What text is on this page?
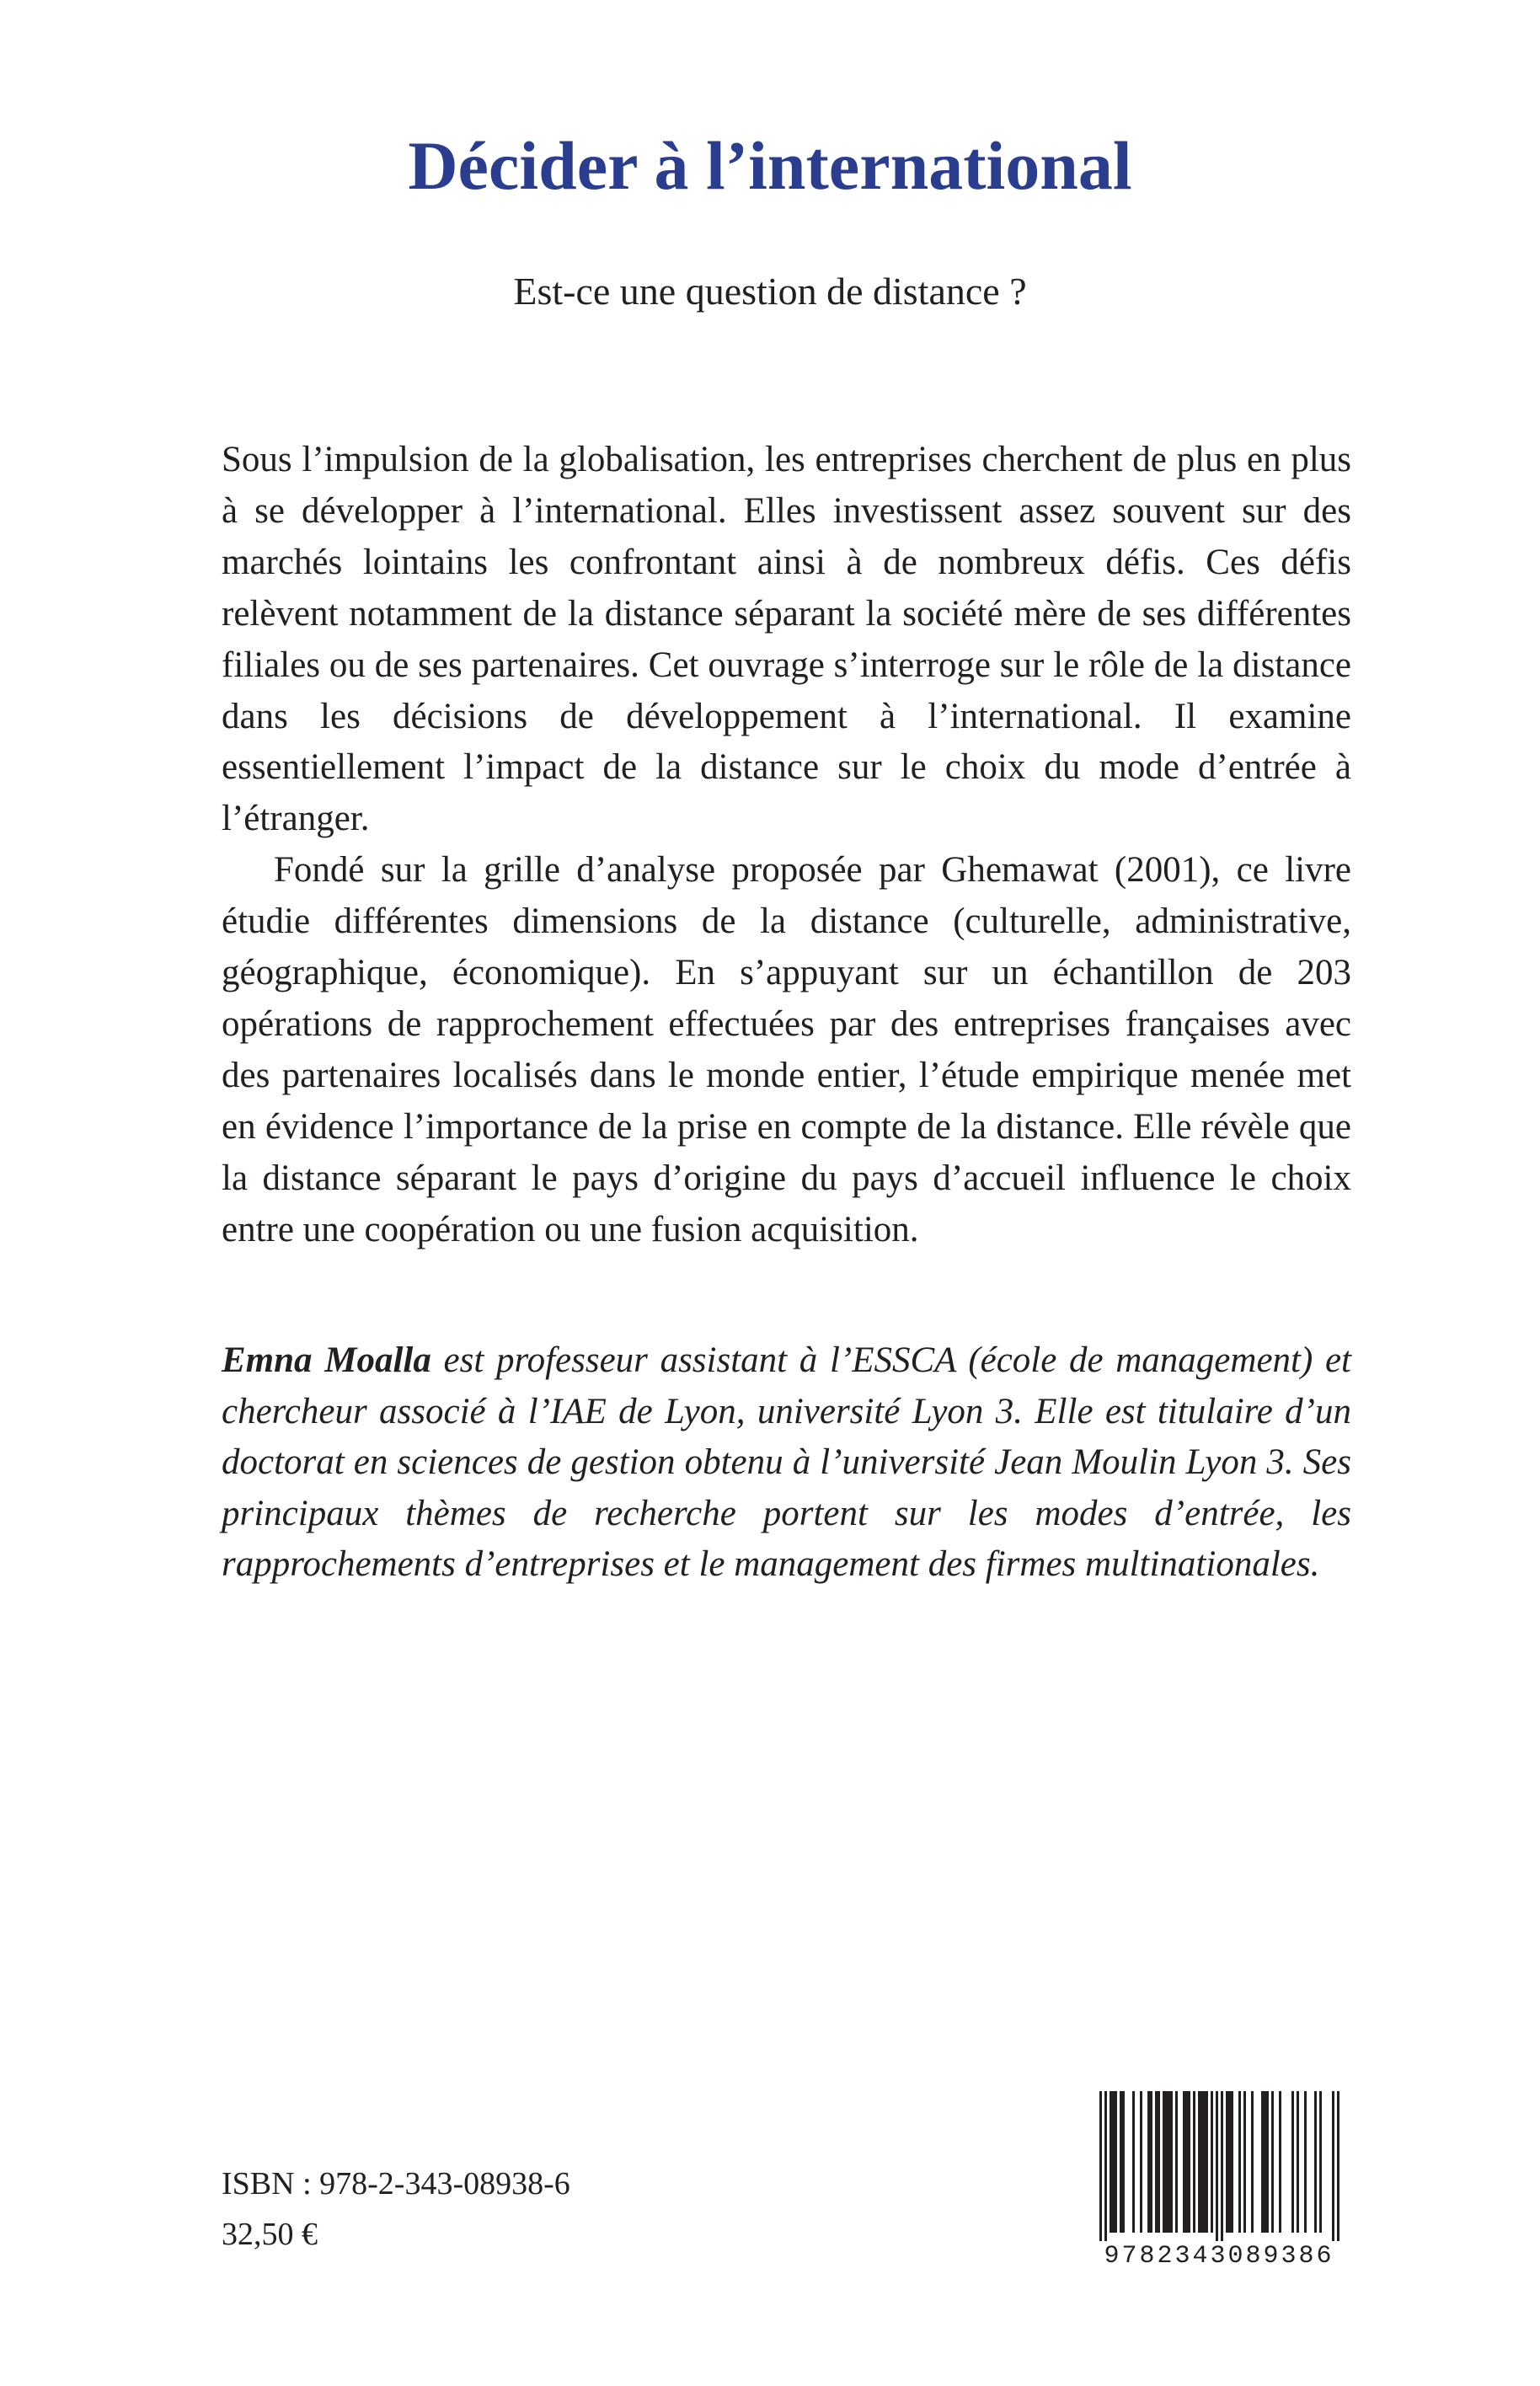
Décider à l’international
Est-ce une question de distance ?

Sous l’impulsion de la globalisation, les entreprises cherchent de plus en plus à se développer à l’international. Elles investissent assez souvent sur des marchés lointains les confrontant ainsi à de nombreux défis. Ces défis relèvent notamment de la distance séparant la société mère de ses différentes filiales ou de ses partenaires. Cet ouvrage s’interroge sur le rôle de la distance dans les décisions de développement à l’international. Il examine essentiellement l’impact de la distance sur le choix du mode d’entrée à l’étranger.

Fondé sur la grille d’analyse proposée par Ghemawat (2001), ce livre étudie différentes dimensions de la distance (culturelle, administrative, géographique, économique). En s’appuyant sur un échantillon de 203 opérations de rapprochement effectuées par des entreprises françaises avec des partenaires localisés dans le monde entier, l’étude empirique menée met en évidence l’importance de la prise en compte de la distance. Elle révèle que la distance séparant le pays d’origine du pays d’accueil influence le choix entre une coopération ou une fusion acquisition.

Emna Moalla est professeur assistant à l’ESSCA (école de management) et chercheur associé à l’IAE de Lyon, université Lyon 3. Elle est titulaire d’un doctorat en sciences de gestion obtenu à l’université Jean Moulin Lyon 3. Ses principaux thèmes de recherche portent sur les modes d’entrée, les rapprochements d’entreprises et le management des firmes multinationales.
ISBN : 978-2-343-08938-6
32,50 €
9782343089386
